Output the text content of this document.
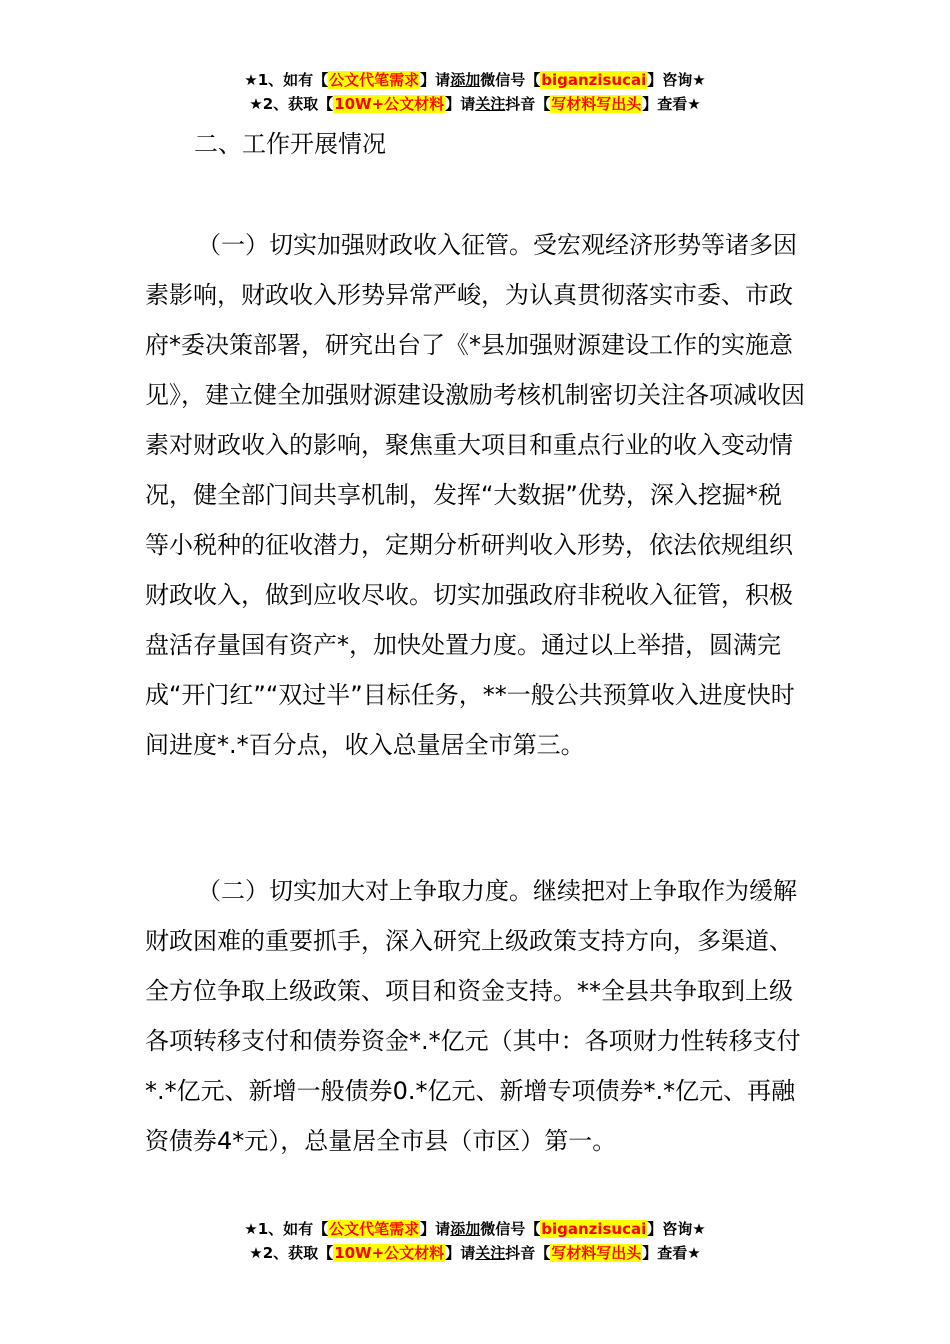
★1、如有【公文代笔需求】请添加微信号【biganzisucai】咨询★
★2、获取【10W+公文材料】请关注抖音【写材料写出头】查看★
二、工作开展情况

（一）切实加强财政收入征管。受宏观经济形势等诸多因素影响，财政收入形势异常严峻，为认真贯彻落实市委、市政府*委决策部署，研究出台了《*县加强财源建设工作的实施意见》，建立健全加强财源建设激励考核机制密切关注各项减收因素对财政收入的影响，聚焦重大项目和重点行业的收入变动情况，健全部门间共享机制，发挥“大数据”优势，深入挖掘*税等小税种的征收潜力，定期分析研判收入形势，依法依规组织财政收入，做到应收尽收。切实加强政府非税收入征管，积极盘活存量国有资产*，加快处置力度。通过以上举措，圆满完成“开门红”“双过半”目标任务，**一般公共预算收入进度快时间进度*.*百分点，收入总量居全市第三。

（二）切实加大对上争取力度。继续把对上争取作为缓解财政困难的重要抓手，深入研究上级政策支持方向，多渠道、全方位争取上级政策、项目和资金支持。**全县共争取到上级各项转移支付和债券资金*.*亿元（其中：各项财力性转移支付*.*亿元、新增一般债券0.*亿元、新增专项债券*.*亿元、再融资债券4*元），总量居全市县（市区）第一。

★1、如有【公文代笔需求】请添加微信号【biganzisucai】咨询★
★2、获取【10W+公文材料】请关注抖音【写材料写出头】查看★
